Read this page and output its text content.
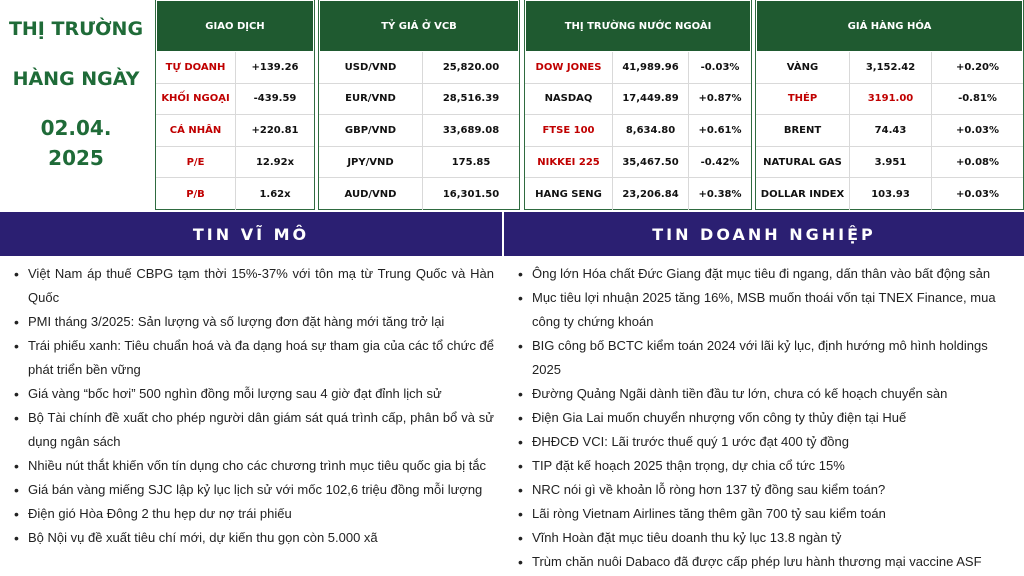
THỊ TRƯỜNG
HÀNG NGÀY
02.04.
2025
GIAO DỊCH
TỰ DOANH	+139.26
KHỐI NGOẠI	-439.59
CÁ NHÂN	+220.81
P/E	12.92x
P/B	1.62x
TỶ GIÁ Ở VCB
USD/VND	25,820.00
EUR/VND	28,516.39
GBP/VND	33,689.08
JPY/VND	175.85
AUD/VND	16,301.50
THỊ TRƯỜNG NƯỚC NGOÀI
DOW JONES	41,989.96	-0.03%
NASDAQ	17,449.89	+0.87%
FTSE 100	8,634.80	+0.61%
NIKKEI 225	35,467.50	-0.42%
HANG SENG	23,206.84	+0.38%
GIÁ HÀNG HÓA
VÀNG	3,152.42	+0.20%
THÉP	3191.00	-0.81%
BRENT	74.43	+0.03%
NATURAL GAS	3.951	+0.08%
DOLLAR INDEX	103.93	+0.03%
TIN VĨ MÔ
• Việt Nam áp thuế CBPG tạm thời 15%-37% với tôn mạ từ Trung Quốc và Hàn Quốc
• PMI tháng 3/2025: Sản lượng và số lượng đơn đặt hàng mới tăng trở lại
• Trái phiếu xanh: Tiêu chuẩn hoá và đa dạng hoá sự tham gia của các tổ chức để phát triển bền vững
• Giá vàng “bốc hơi” 500 nghìn đồng mỗi lượng sau 4 giờ đạt đỉnh lịch sử
• Bộ Tài chính đề xuất cho phép người dân giám sát quá trình cấp, phân bổ và sử dụng ngân sách
• Nhiều nút thắt khiến vốn tín dụng cho các chương trình mục tiêu quốc gia bị tắc
• Giá bán vàng miếng SJC lập kỷ lục lịch sử với mốc 102,6 triệu đồng mỗi lượng
• Điện gió Hòa Đông 2 thu hẹp dư nợ trái phiếu
• Bộ Nội vụ đề xuất tiêu chí mới, dự kiến thu gọn còn 5.000 xã
TIN DOANH NGHIỆP
• Ông lớn Hóa chất Đức Giang đặt mục tiêu đi ngang, dấn thân vào bất động sản
• Mục tiêu lợi nhuận 2025 tăng 16%, MSB muốn thoái vốn tại TNEX Finance, mua công ty chứng khoán
• BIG công bố BCTC kiểm toán 2024 với lãi kỷ lục, định hướng mô hình holdings 2025
• Đường Quảng Ngãi dành tiền đầu tư lớn, chưa có kế hoạch chuyển sàn
• Điện Gia Lai muốn chuyển nhượng vốn công ty thủy điện tại Huế
• ĐHĐCĐ VCI: Lãi trước thuế quý 1 ước đạt 400 tỷ đồng
• TIP đặt kế hoạch 2025 thận trọng, dự chia cổ tức 15%
• NRC nói gì về khoản lỗ ròng hơn 137 tỷ đồng sau kiểm toán?
• Lãi ròng Vietnam Airlines tăng thêm gần 700 tỷ sau kiểm toán
• Vĩnh Hoàn đặt mục tiêu doanh thu kỷ lục 13.8 ngàn tỷ
• Trùm chăn nuôi Dabaco đã được cấp phép lưu hành thương mại vaccine ASF
